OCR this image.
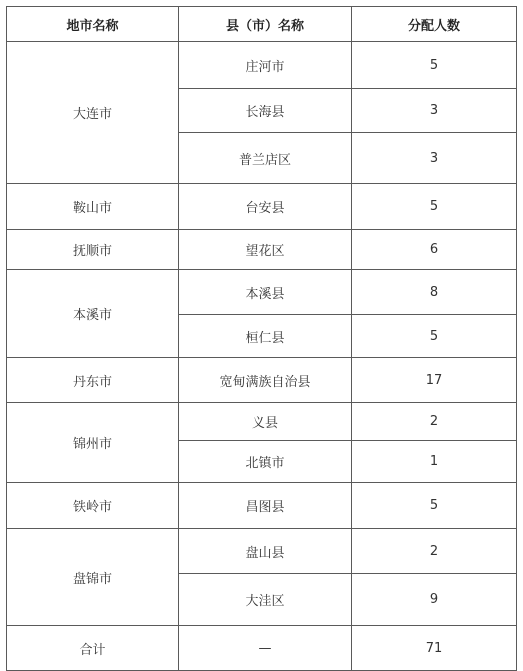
地市名称	县（市）名称	分配人数
大连市	庄河市	5
	长海县	3
	普兰店区	3
鞍山市	台安县	5
抚顺市	望花区	6
本溪市	本溪县	8
	桓仁县	5
丹东市	宽甸满族自治县	17
锦州市	义县	2
	北镇市	1
铁岭市	昌图县	5
盘锦市	盘山县	2
	大洼区	9
合计	—	71
